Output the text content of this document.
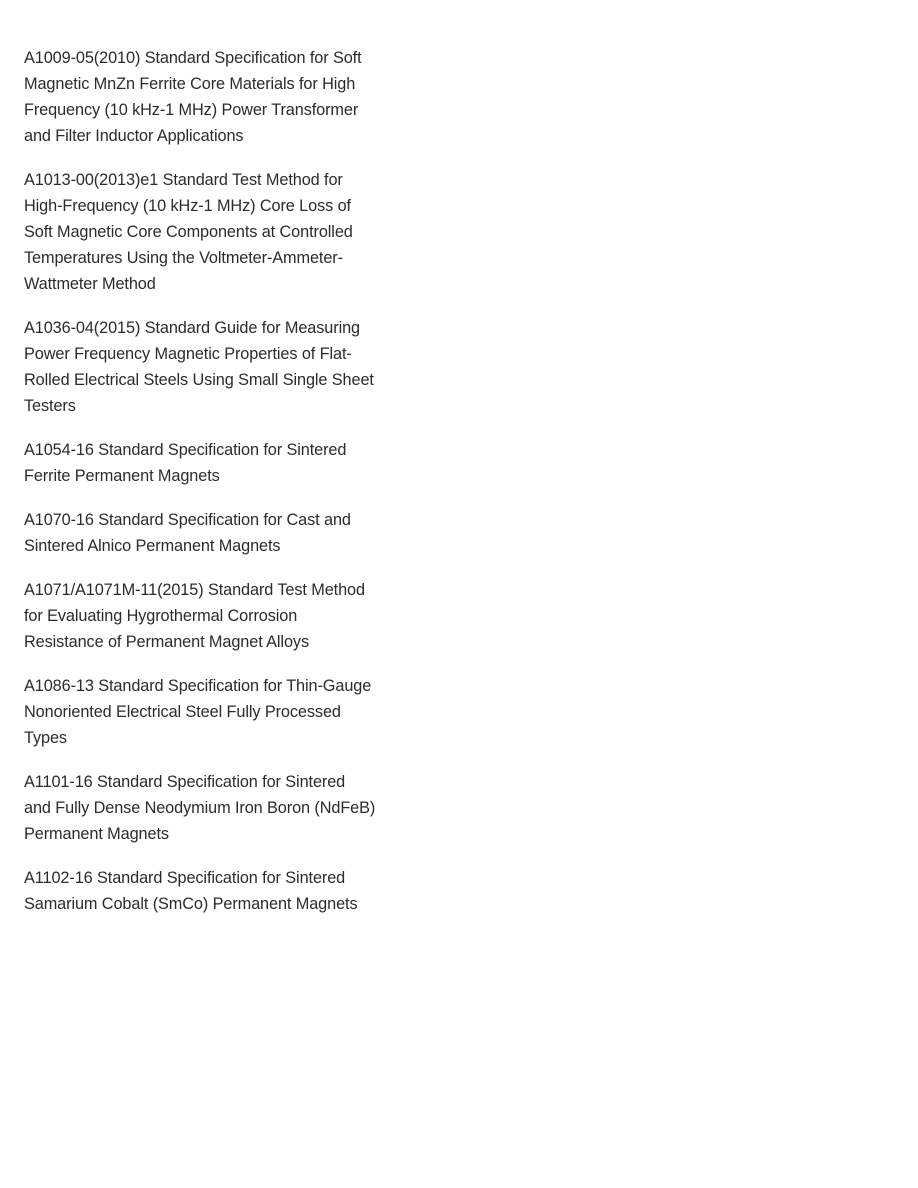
A1009-05(2010) Standard Specification for Soft
Magnetic MnZn Ferrite Core Materials for High
Frequency (10 kHz-1 MHz) Power Transformer
and Filter Inductor Applications

A1013-00(2013)e1 Standard Test Method for
High-Frequency (10 kHz-1 MHz) Core Loss of
Soft Magnetic Core Components at Controlled
Temperatures Using the Voltmeter-Ammeter-
Wattmeter Method

A1036-04(2015) Standard Guide for Measuring
Power Frequency Magnetic Properties of Flat-
Rolled Electrical Steels Using Small Single Sheet
Testers

A1054-16 Standard Specification for Sintered
Ferrite Permanent Magnets

A1070-16 Standard Specification for Cast and
Sintered Alnico Permanent Magnets

A1071/A1071M-11(2015) Standard Test Method
for Evaluating Hygrothermal Corrosion
Resistance of Permanent Magnet Alloys

A1086-13 Standard Specification for Thin-Gauge
Nonoriented Electrical Steel Fully Processed
Types

A1101-16 Standard Specification for Sintered
and Fully Dense Neodymium Iron Boron (NdFeB)
Permanent Magnets

A1102-16 Standard Specification for Sintered
Samarium Cobalt (SmCo) Permanent Magnets
